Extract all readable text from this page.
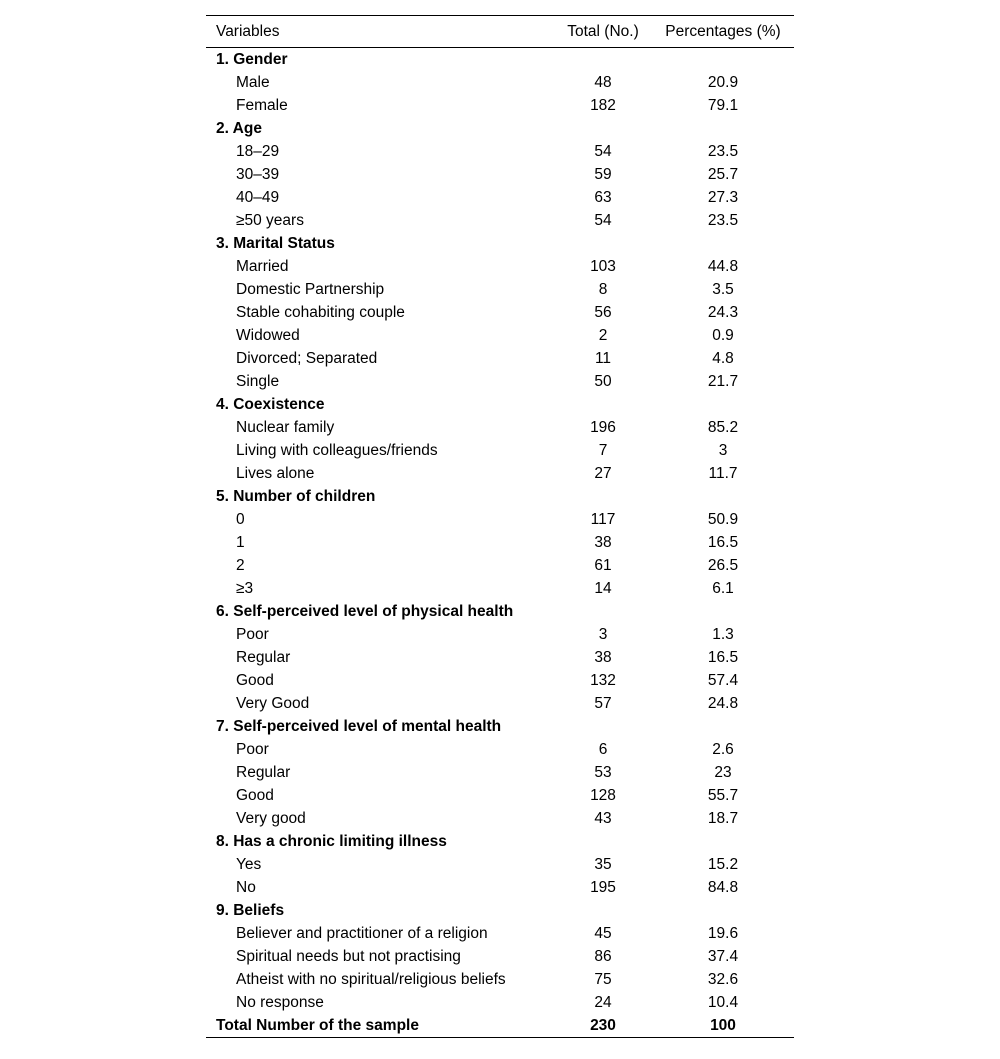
Variables	Total (No.)	Percentages (%)
1. Gender		
Male	48	20.9
Female	182	79.1
2. Age		
18–29	54	23.5
30–39	59	25.7
40–49	63	27.3
≥50 years	54	23.5
3. Marital Status		
Married	103	44.8
Domestic Partnership	8	3.5
Stable cohabiting couple	56	24.3
Widowed	2	0.9
Divorced; Separated	11	4.8
Single	50	21.7
4. Coexistence		
Nuclear family	196	85.2
Living with colleagues/friends	7	3
Lives alone	27	11.7
5. Number of children		
0	117	50.9
1	38	16.5
2	61	26.5
≥3	14	6.1
6. Self-perceived level of physical health		
Poor	3	1.3
Regular	38	16.5
Good	132	57.4
Very Good	57	24.8
7. Self-perceived level of mental health		
Poor	6	2.6
Regular	53	23
Good	128	55.7
Very good	43	18.7
8. Has a chronic limiting illness		
Yes	35	15.2
No	195	84.8
9. Beliefs		
Believer and practitioner of a religion	45	19.6
Spiritual needs but not practising	86	37.4
Atheist with no spiritual/religious beliefs	75	32.6
No response	24	10.4
Total Number of the sample	230	100
